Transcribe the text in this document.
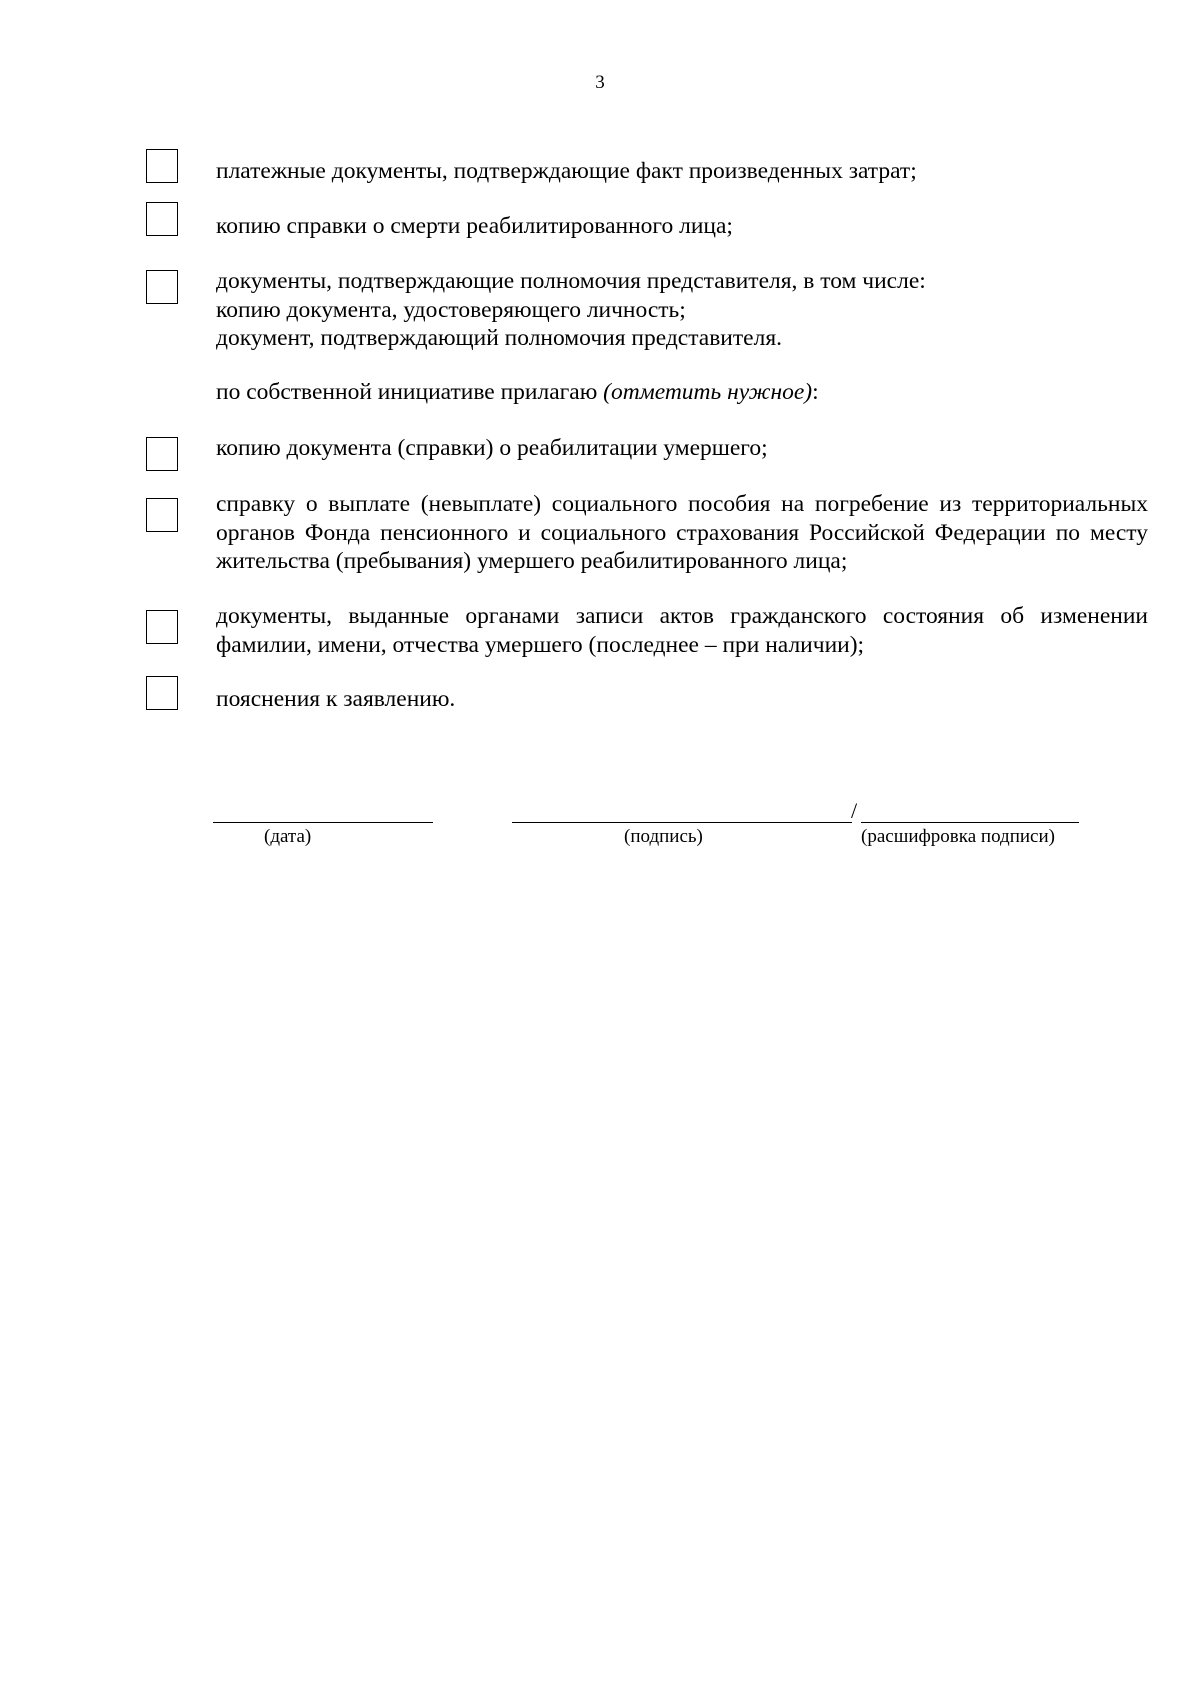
3
платежные документы, подтверждающие факт произведенных затрат;
копию справки о смерти реабилитированного лица;
документы, подтверждающие полномочия представителя, в том числе:
копию документа, удостоверяющего личность;
документ, подтверждающий полномочия представителя.
по собственной инициативе прилагаю (отметить нужное):
копию документа (справки) о реабилитации умершего;
справку о выплате (невыплате) социального пособия на погребение из территориальных
органов Фонда пенсионного и социального страхования Российской Федерации по месту
жительства (пребывания) умершего реабилитированного лица;
документы, выданные органами записи актов гражданского состояния об изменении
фамилии, имени, отчества умершего (последнее – при наличии);
пояснения к заявлению.
(дата)	(подпись)
/
(расшифровка подписи)
